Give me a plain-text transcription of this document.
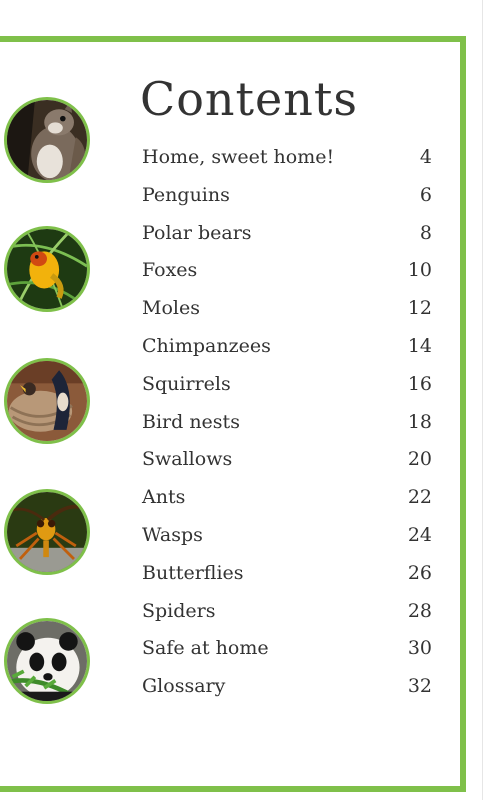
Contents
Home, sweet home!	4
Penguins	6
Polar bears	8
Foxes	10
Moles	12
Chimpanzees	14
Squirrels	16
Bird nests	18
Swallows	20
Ants	22
Wasps	24
Butterflies	26
Spiders	28
Safe at home	30
Glossary	32
